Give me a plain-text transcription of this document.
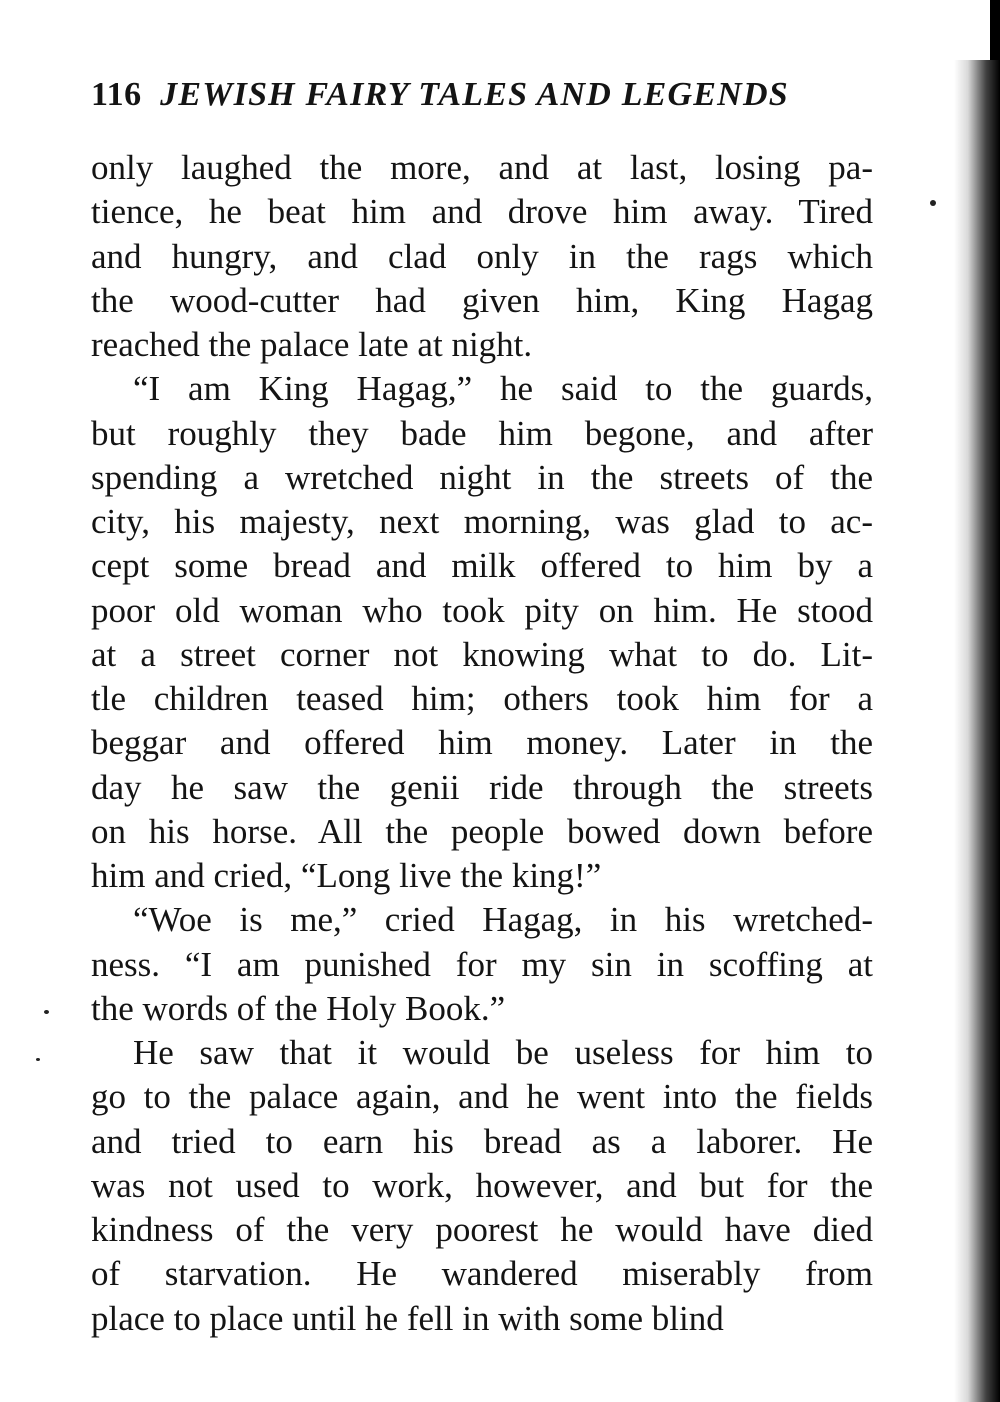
116 JEWISH FAIRY TALES AND LEGENDS
only laughed the more, and at last, losing pa-
tience, he beat him and drove him away. Tired
and hungry, and clad only in the rags which
the wood-cutter had given him, King Hagag
reached the palace late at night.
“I am King Hagag,” he said to the guards,
but roughly they bade him begone, and after
spending a wretched night in the streets of the
city, his majesty, next morning, was glad to ac-
cept some bread and milk offered to him by a
poor old woman who took pity on him. He stood
at a street corner not knowing what to do. Lit-
tle children teased him; others took him for a
beggar and offered him money. Later in the
day he saw the genii ride through the streets
on his horse. All the people bowed down before
him and cried, “Long live the king!”
“Woe is me,” cried Hagag, in his wretched-
ness. “I am punished for my sin in scoffing at
the words of the Holy Book.”
He saw that it would be useless for him to
go to the palace again, and he went into the fields
and tried to earn his bread as a laborer. He
was not used to work, however, and but for the
kindness of the very poorest he would have died
of starvation. He wandered miserably from
place to place until he fell in with some blind
